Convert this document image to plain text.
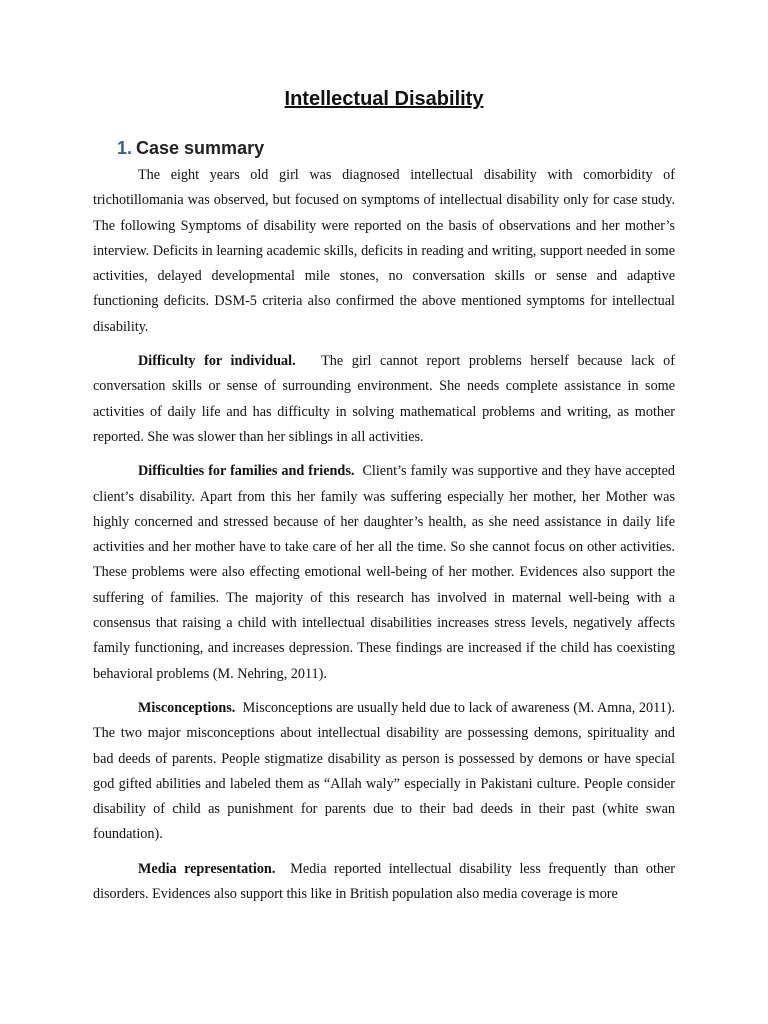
Intellectual Disability
1. Case summary

The eight years old girl was diagnosed intellectual disability with comorbidity of trichotillomania was observed, but focused on symptoms of intellectual disability only for case study. The following Symptoms of disability were reported on the basis of observations and her mother’s interview. Deficits in learning academic skills, deficits in reading and writing, support needed in some activities, delayed developmental mile stones, no conversation skills or sense and adaptive functioning deficits. DSM-5 criteria also confirmed the above mentioned symptoms for intellectual disability.

Difficulty for individual. The girl cannot report problems herself because lack of conversation skills or sense of surrounding environment. She needs complete assistance in some activities of daily life and has difficulty in solving mathematical problems and writing, as mother reported. She was slower than her siblings in all activities.

Difficulties for families and friends. Client’s family was supportive and they have accepted client’s disability. Apart from this her family was suffering especially her mother, her Mother was highly concerned and stressed because of her daughter’s health, as she need assistance in daily life activities and her mother have to take care of her all the time. So she cannot focus on other activities. These problems were also effecting emotional well-being of her mother. Evidences also support the suffering of families. The majority of this research has involved in maternal well-being with a consensus that raising a child with intellectual disabilities increases stress levels, negatively affects family functioning, and increases depression. These findings are increased if the child has coexisting behavioral problems (M. Nehring, 2011).

Misconceptions. Misconceptions are usually held due to lack of awareness (M. Amna, 2011). The two major misconceptions about intellectual disability are possessing demons, spirituality and bad deeds of parents. People stigmatize disability as person is possessed by demons or have special god gifted abilities and labeled them as “Allah waly” especially in Pakistani culture. People consider disability of child as punishment for parents due to their bad deeds in their past (white swan foundation).

Media representation. Media reported intellectual disability less frequently than other disorders. Evidences also support this like in British population also media coverage is more
